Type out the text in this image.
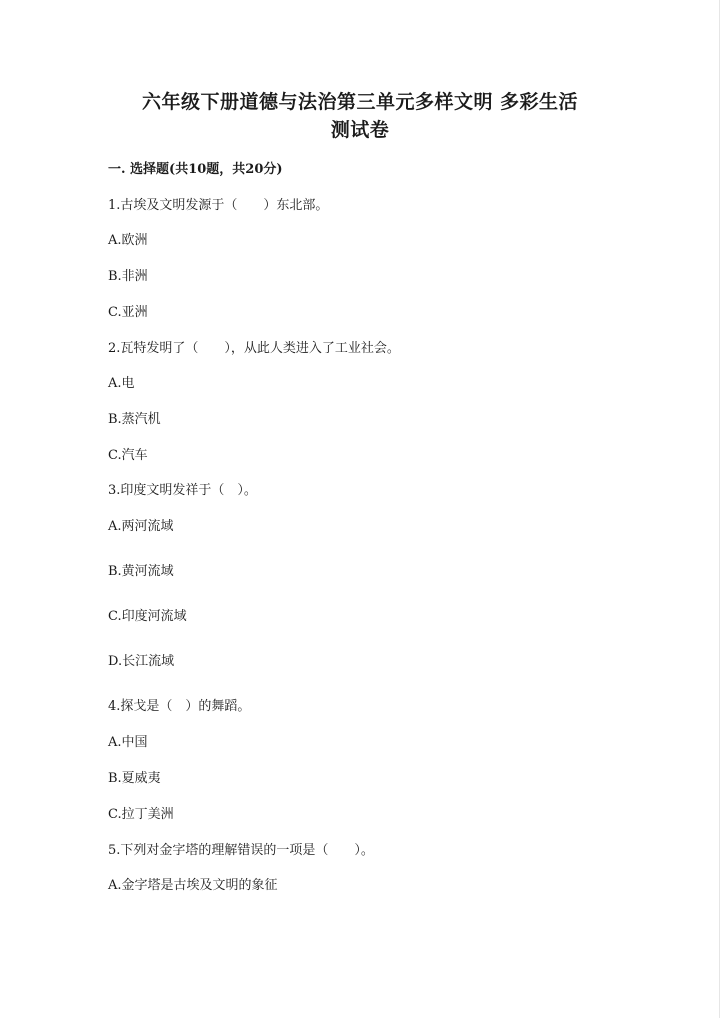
六年级下册道德与法治第三单元多样文明 多彩生活
测试卷
一. 选择题(共10题，共20分)
1.古埃及文明发源于（　　）东北部。
A.欧洲
B.非洲
C.亚洲
2.瓦特发明了（　　），从此人类进入了工业社会。
A.电
B.蒸汽机
C.汽车
3.印度文明发祥于（　）。
A.两河流域
B.黄河流域
C.印度河流域
D.长江流域
4.探戈是（　）的舞蹈。
A.中国
B.夏威夷
C.拉丁美洲
5.下列对金字塔的理解错误的一项是（　　）。
A.金字塔是古埃及文明的象征
